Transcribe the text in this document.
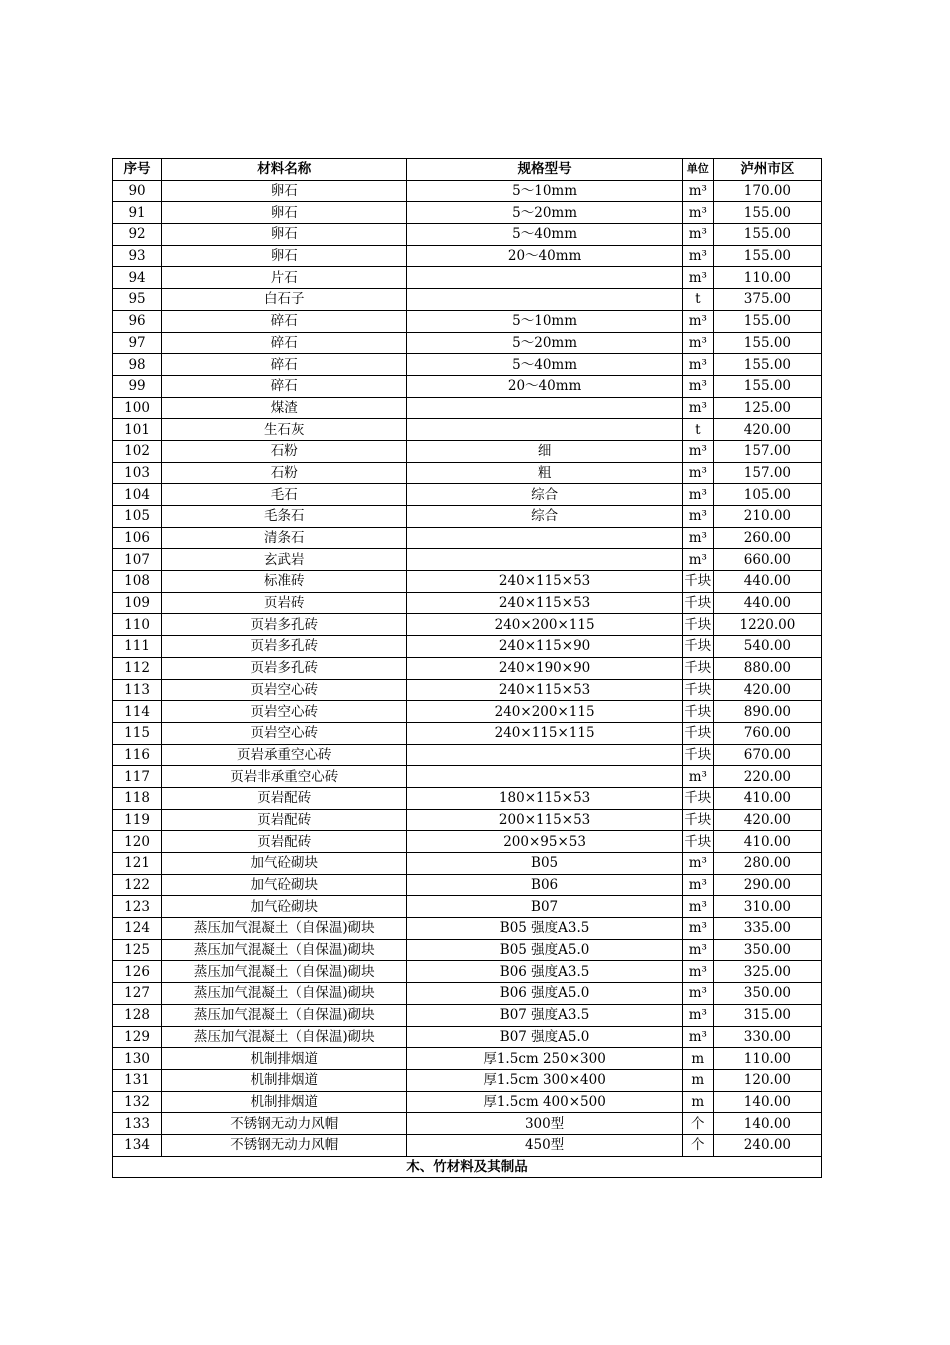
序号	材料名称	规格型号	单位	泸州市区
90	卵石	5～10mm	m³	170.00
91	卵石	5～20mm	m³	155.00
92	卵石	5～40mm	m³	155.00
93	卵石	20～40mm	m³	155.00
94	片石		m³	110.00
95	白石子		t	375.00
96	碎石	5～10mm	m³	155.00
97	碎石	5～20mm	m³	155.00
98	碎石	5～40mm	m³	155.00
99	碎石	20～40mm	m³	155.00
100	煤渣		m³	125.00
101	生石灰		t	420.00
102	石粉	细	m³	157.00
103	石粉	粗	m³	157.00
104	毛石	综合	m³	105.00
105	毛条石	综合	m³	210.00
106	清条石		m³	260.00
107	玄武岩		m³	660.00
108	标准砖	240×115×53	千块	440.00
109	页岩砖	240×115×53	千块	440.00
110	页岩多孔砖	240×200×115	千块	1220.00
111	页岩多孔砖	240×115×90	千块	540.00
112	页岩多孔砖	240×190×90	千块	880.00
113	页岩空心砖	240×115×53	千块	420.00
114	页岩空心砖	240×200×115	千块	890.00
115	页岩空心砖	240×115×115	千块	760.00
116	页岩承重空心砖		千块	670.00
117	页岩非承重空心砖		m³	220.00
118	页岩配砖	180×115×53	千块	410.00
119	页岩配砖	200×115×53	千块	420.00
120	页岩配砖	200×95×53	千块	410.00
121	加气砼砌块	B05	m³	280.00
122	加气砼砌块	B06	m³	290.00
123	加气砼砌块	B07	m³	310.00
124	蒸压加气混凝土（自保温)砌块	B05 强度A3.5	m³	335.00
125	蒸压加气混凝土（自保温)砌块	B05 强度A5.0	m³	350.00
126	蒸压加气混凝土（自保温)砌块	B06 强度A3.5	m³	325.00
127	蒸压加气混凝土（自保温)砌块	B06 强度A5.0	m³	350.00
128	蒸压加气混凝土（自保温)砌块	B07 强度A3.5	m³	315.00
129	蒸压加气混凝土（自保温)砌块	B07 强度A5.0	m³	330.00
130	机制排烟道	厚1.5cm 250×300	m	110.00
131	机制排烟道	厚1.5cm 300×400	m	120.00
132	机制排烟道	厚1.5cm 400×500	m	140.00
133	不锈钢无动力风帽	300型	个	140.00
134	不锈钢无动力风帽	450型	个	240.00
木、竹材料及其制品				
